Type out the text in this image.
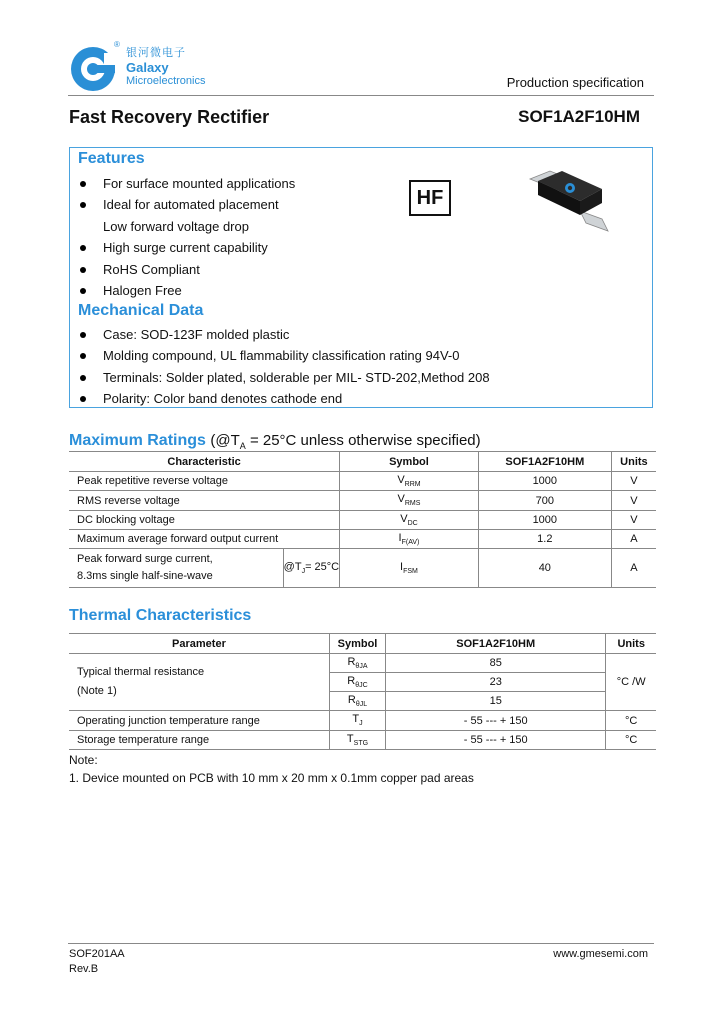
®
银河微电子
Galaxy
Microelectronics	Production specification
Fast Recovery Rectifier	SOF1A2F10HM
Features
For surface mounted applications
Ideal for automated placement
Low forward voltage drop
High surge current capability
RoHS Compliant
Halogen Free
HF
Mechanical Data
Case: SOD-123F molded plastic
Molding compound, UL flammability classification rating 94V-0
Terminals: Solder plated, solderable per MIL- STD-202,Method 208
Polarity: Color band denotes cathode end
Maximum Ratings ($@T_A = 25^\circ C$ unless otherwise specified)
Characteristic		Symbol	SOF1A2F10HM	Units
Peak repetitive reverse voltage		$V_{RRM}$	1000	V
RMS reverse voltage		$V_{RMS}$	700	V
DC blocking voltage		$V_{DC}$	1000	V
Maximum average forward output current		$I_{F(AV)}$	1.2	A

Peak forward surge current,
8.3ms single half-sine-wave	$@T_J= 25^\circ C$	$I_{FSM}$	40	A
Thermal Characteristics
Parameter	Symbol	SOF1A2F10HM	Units

Typical thermal resistance
(Note 1)	$R_{\theta JA}$	85	°C /W
	$R_{\theta JC}$	23	
	$R_{\theta JL}$	15	
Operating junction temperature range	$T_J$	- 55 --- + 150	°C
Storage temperature range	$T_{STG}$	- 55 --- + 150	°C
Note:
1. Device mounted on PCB with 10 mm x 20 mm x 0.1mm copper pad areas
SOF201AA
Rev.B
www.gmesemi.com
